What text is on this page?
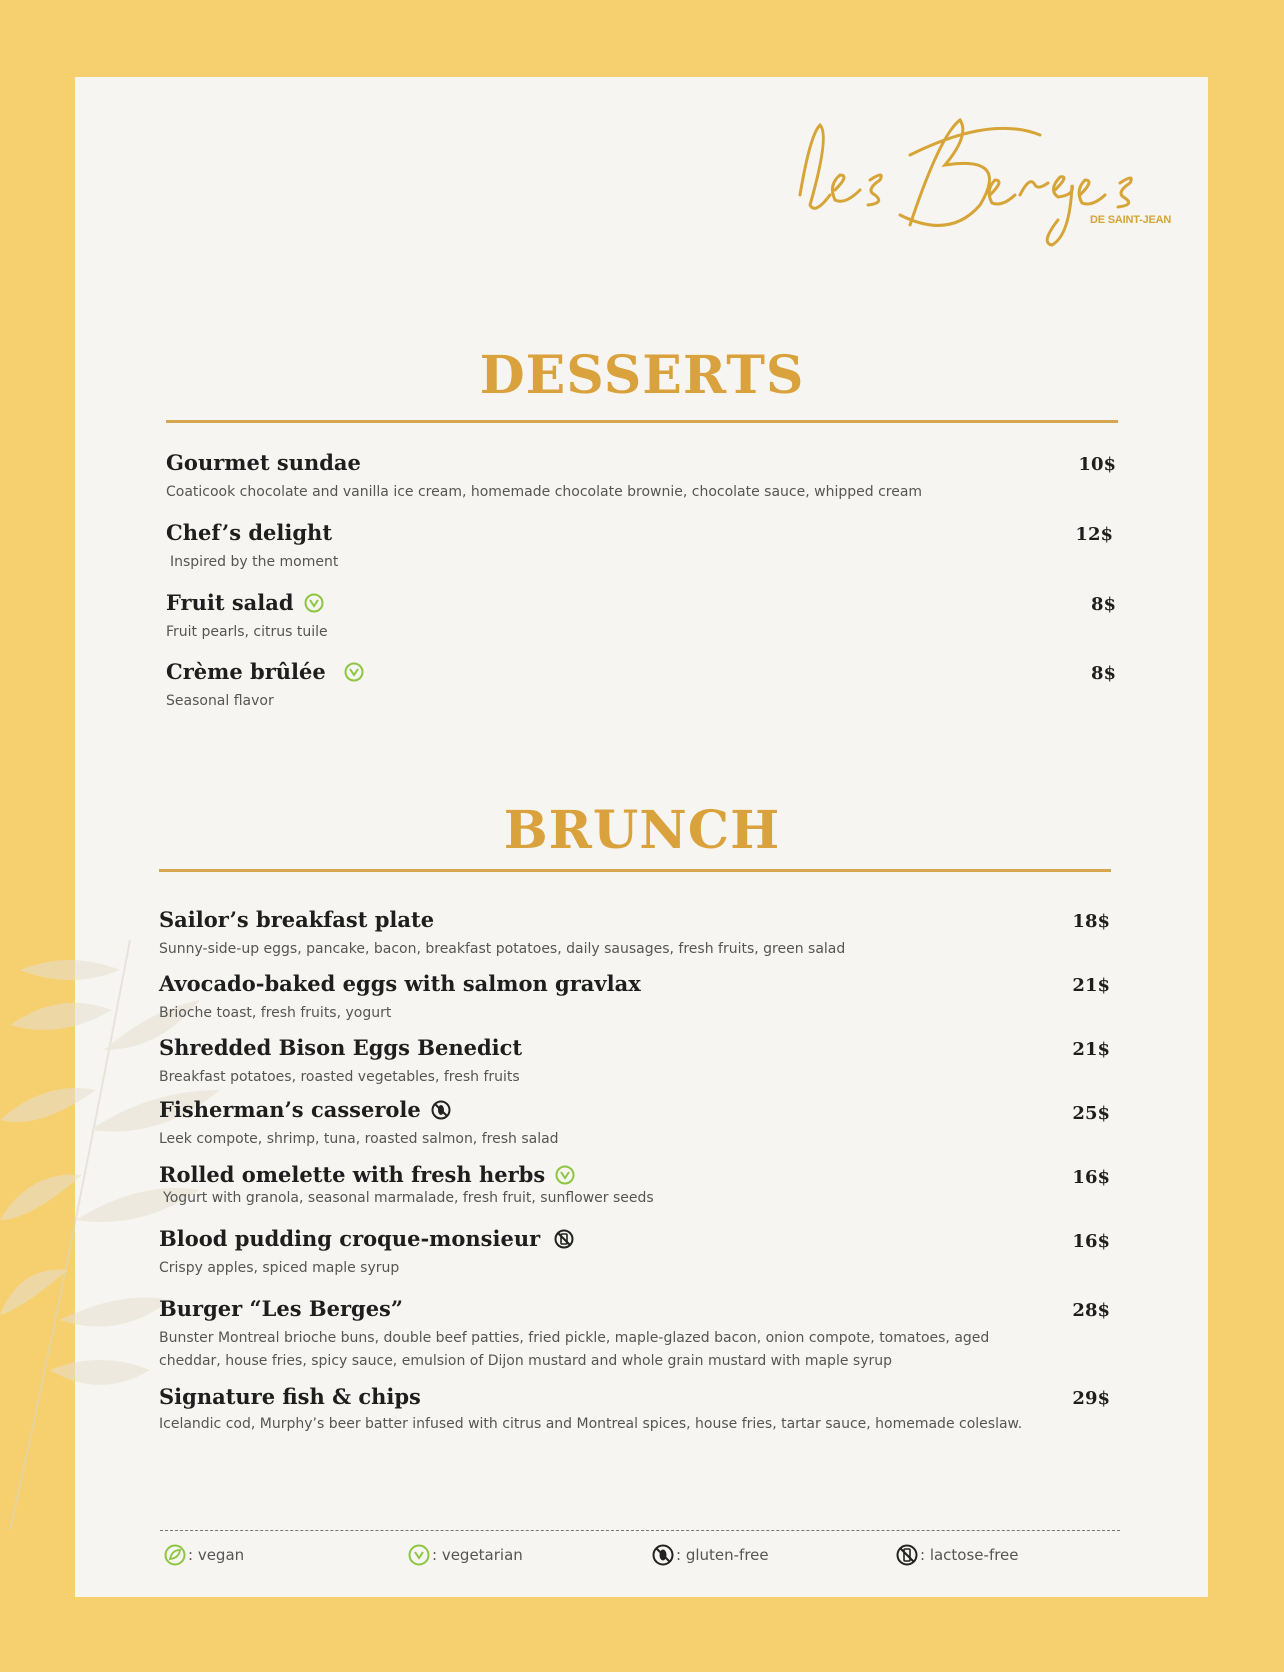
DE SAINT-JEAN
DESSERTS
Gourmet sundae
Coaticook chocolate and vanilla ice cream, homemade chocolate brownie, chocolate sauce, whipped cream
10$
Chef’s delight
Inspired by the moment
12$
Fruit salad
Fruit pearls, citrus tuile
8$
Crème brûlée
Seasonal flavor
8$
BRUNCH
Sailor’s breakfast plate
Sunny-side-up eggs, pancake, bacon, breakfast potatoes, daily sausages, fresh fruits, green salad
18$
Avocado-baked eggs with salmon gravlax
Brioche toast, fresh fruits, yogurt
21$
Shredded Bison Eggs Benedict
Breakfast potatoes, roasted vegetables, fresh fruits
21$
Fisherman’s casserole
Leek compote, shrimp, tuna, roasted salmon, fresh salad
25$
Rolled omelette with fresh herbs
Yogurt with granola, seasonal marmalade, fresh fruit, sunflower seeds
16$
Blood pudding croque-monsieur
Crispy apples, spiced maple syrup
16$
Burger “Les Berges”
Bunster Montreal brioche buns, double beef patties, fried pickle, maple-glazed bacon, onion compote, tomatoes, aged cheddar, house fries, spicy sauce, emulsion of Dijon mustard and whole grain mustard with maple syrup
28$
Signature fish & chips
Icelandic cod, Murphy’s beer batter infused with citrus and Montreal spices, house fries, tartar sauce, homemade coleslaw.
29$
: vegan	: vegetarian	: gluten-free	: lactose-free
